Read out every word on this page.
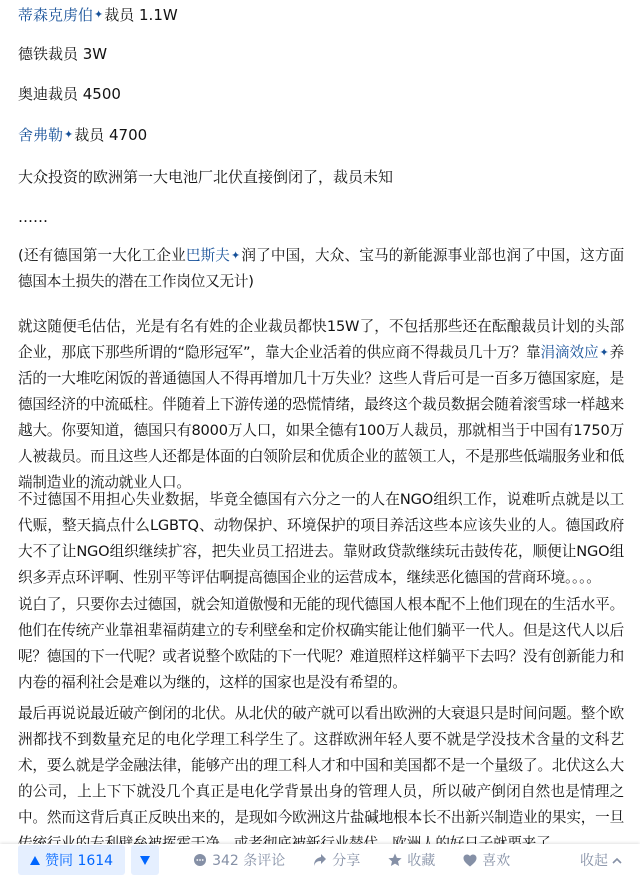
蒂森克虏伯✦裁员 1.1W

德铁裁员 3W

奥迪裁员 4500

舍弗勒✦裁员 4700

大众投资的欧洲第一大电池厂北伏直接倒闭了，裁员未知

……

(还有德国第一大化工企业巴斯夫✦润了中国，大众、宝马的新能源事业部也润了中国，这方面德国本土损失的潜在工作岗位又无计)

就这随便毛估估，光是有名有姓的企业裁员都快15W了，不包括那些还在酝酿裁员计划的头部企业，那底下那些所谓的“隐形冠军”，靠大企业活着的供应商不得裁员几十万？靠涓滴效应✦养活的一大堆吃闲饭的普通德国人不得再增加几十万失业？这些人背后可是一百多万德国家庭，是德国经济的中流砥柱。伴随着上下游传递的恐慌情绪，最终这个裁员数据会随着滚雪球一样越来越大。你要知道，德国只有8000万人口，如果全德有100万人裁员，那就相当于中国有1750万人被裁员。而且这些人还都是体面的白领阶层和优质企业的蓝领工人，不是那些低端服务业和低端制造业的流动就业人口。

不过德国不用担心失业数据，毕竟全德国有六分之一的人在NGO组织工作，说难听点就是以工代赈，整天搞点什么LGBTQ、动物保护、环境保护的项目养活这些本应该失业的人。德国政府大不了让NGO组织继续扩容，把失业员工招进去。靠财政贷款继续玩击鼓传花，顺便让NGO组织多弄点环评啊、性别平等评估啊提高德国企业的运营成本，继续恶化德国的营商环境。。。。

说白了，只要你去过德国，就会知道傲慢和无能的现代德国人根本配不上他们现在的生活水平。他们在传统产业靠祖辈福荫建立的专利壁垒和定价权确实能让他们躺平一代人。但是这代人以后呢？德国的下一代呢？或者说整个欧陆的下一代呢？难道照样这样躺平下去吗？没有创新能力和内卷的福利社会是难以为继的，这样的国家也是没有希望的。

最后再说说最近破产倒闭的北伏。从北伏的破产就可以看出欧洲的大衰退只是时间问题。整个欧洲都找不到数量充足的电化学理工科学生了。这群欧洲年轻人要不就是学没技术含量的文科艺术，要么就是学金融法律，能够产出的理工科人才和中国和美国都不是一个量级了。北伏这么大的公司，上上下下就没几个真正是电化学背景出身的管理人员，所以破产倒闭自然也是情理之中。然而这背后真正反映出来的，是现如今欧洲这片盐碱地根本长不出新兴制造业的果实，一旦

赞同 1614	342 条评论	分享	收藏	喜欢	收起
